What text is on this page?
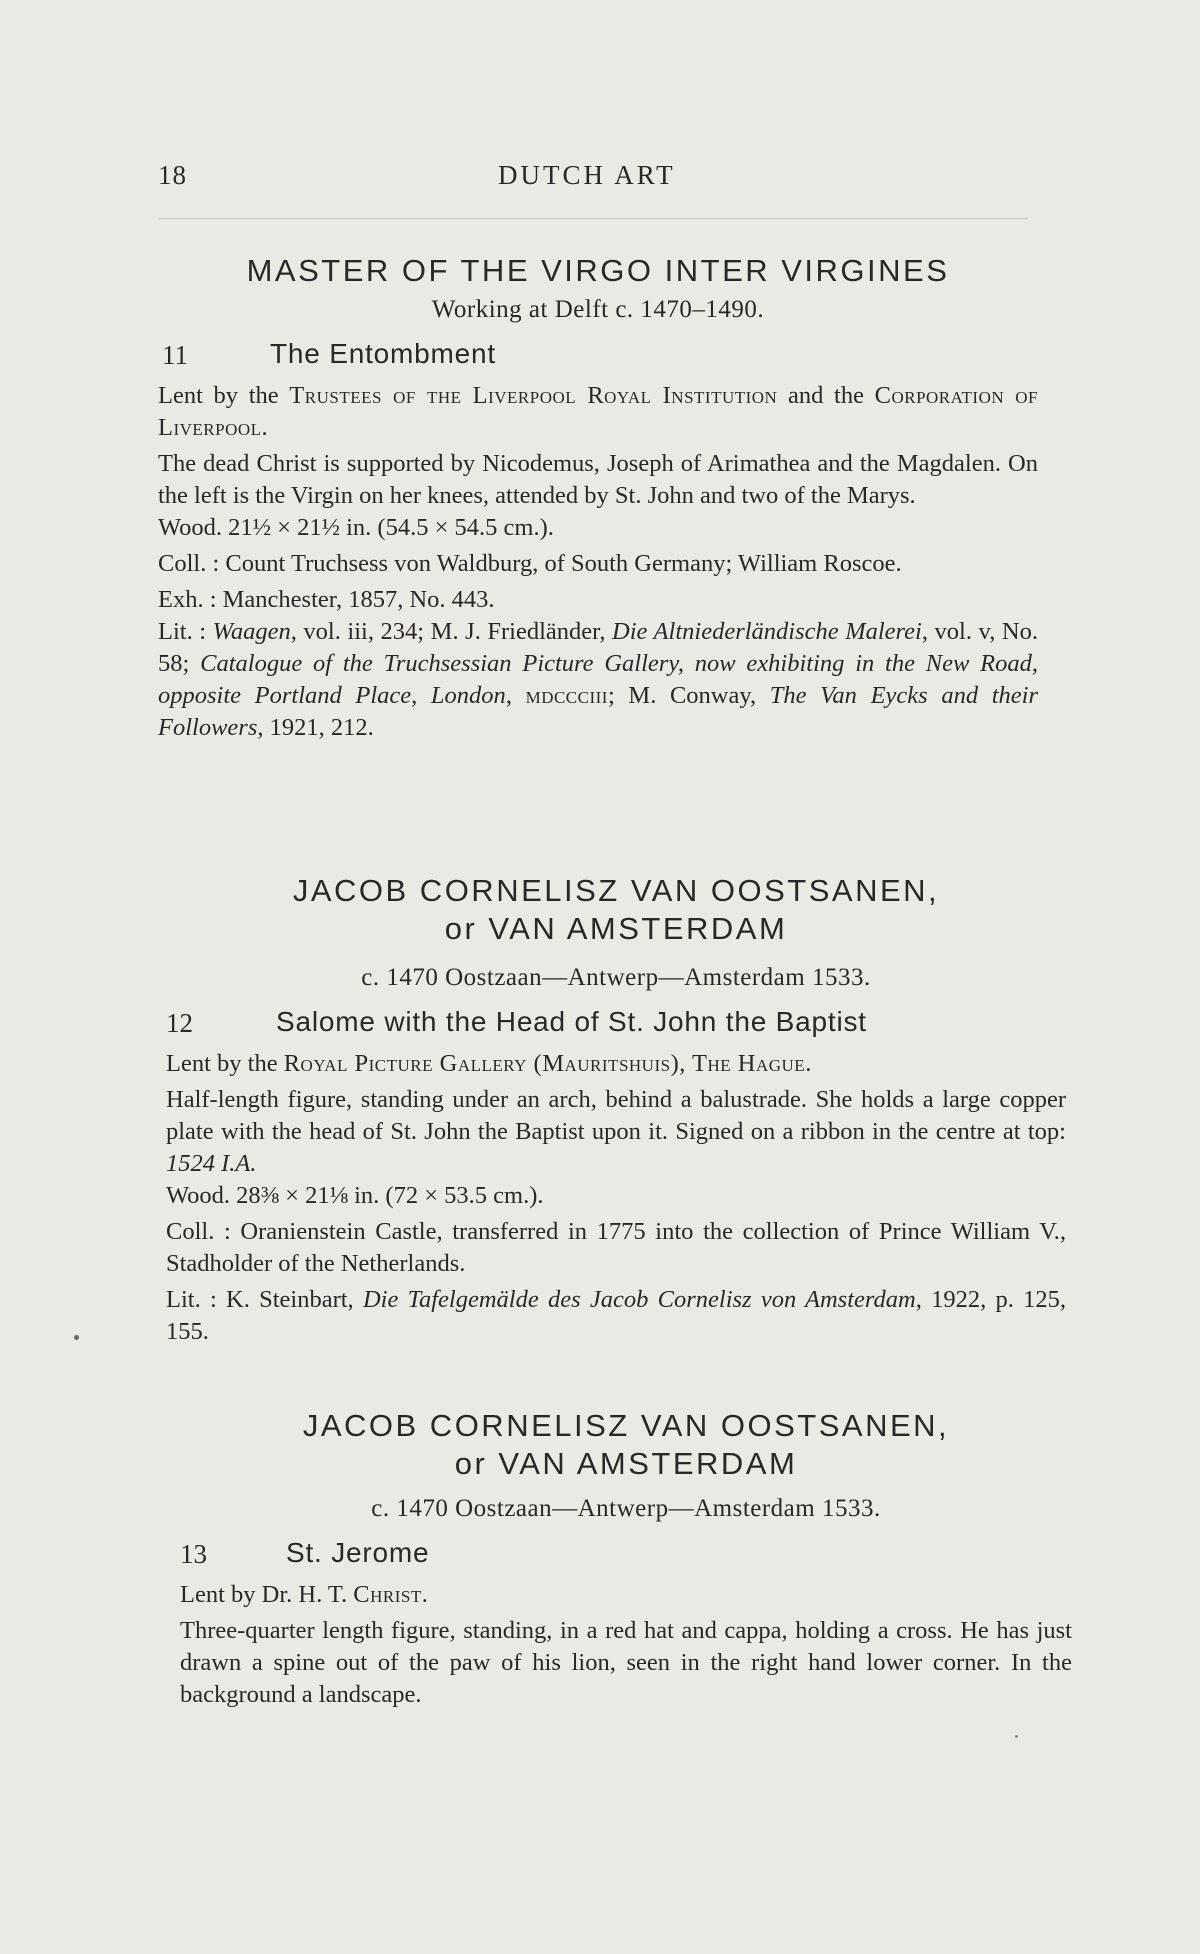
18	DUTCH ART
MASTER OF THE VIRGO INTER VIRGINES
Working at Delft c. 1470–1490.
11	The Entombment

Lent by the Trustees of the Liverpool Royal Institution and the Corporation of Liverpool.

The dead Christ is supported by Nicodemus, Joseph of Arimathea and the Magdalen. On the left is the Virgin on her knees, attended by St. John and two of the Marys.

Wood. 21½ × 21½ in. (54.5 × 54.5 cm.).

Coll. : Count Truchsess von Waldburg, of South Germany; William Roscoe.

Exh. : Manchester, 1857, No. 443.

Lit. : Waagen, vol. iii, 234; M. J. Friedländer, Die Altniederländische Malerei, vol. v, No. 58; Catalogue of the Truchsessian Picture Gallery, now exhibiting in the New Road, opposite Portland Place, London, mdccciii; M. Conway, The Van Eycks and their Followers, 1921, 212.

JACOB CORNELISZ VAN OOSTSANEN,
or VAN AMSTERDAM
c. 1470 Oostzaan—Antwerp—Amsterdam 1533.
12	Salome with the Head of St. John the Baptist

Lent by the Royal Picture Gallery (Mauritshuis), The Hague.

Half-length figure, standing under an arch, behind a balustrade. She holds a large copper plate with the head of St. John the Baptist upon it. Signed on a ribbon in the centre at top: 1524 I.A.

Wood. 28⅜ × 21⅛ in. (72 × 53.5 cm.).

Coll. : Oranienstein Castle, transferred in 1775 into the collection of Prince William V., Stadholder of the Netherlands.

Lit. : K. Steinbart, Die Tafelgemälde des Jacob Cornelisz von Amsterdam, 1922, p. 125, 155.

JACOB CORNELISZ VAN OOSTSANEN,
or VAN AMSTERDAM
c. 1470 Oostzaan—Antwerp—Amsterdam 1533.
13	St. Jerome

Lent by Dr. H. T. Christ.

Three-quarter length figure, standing, in a red hat and cappa, holding a cross. He has just drawn a spine out of the paw of his lion, seen in the right hand lower corner. In the background a landscape.
